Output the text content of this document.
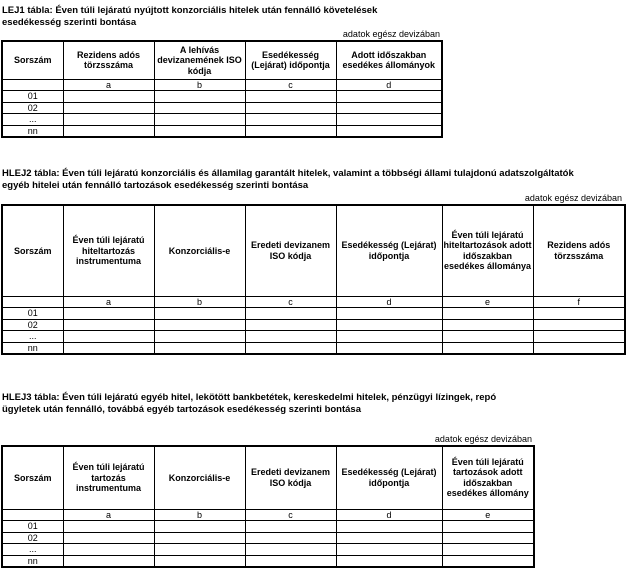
LEJ1 tábla: Éven túli lejáratú nyújtott konzorciális hitelek után fennálló követelések

esedékesség szerinti bontása

adatok egész devizában
Sorszám	Rezidens adós törzsszáma	A lehívás devizanemének ISO kódja	Esedékesség (Lejárat) időpontja	Adott időszakban esedékes állományok
	a	b	c	d
01				
02				
...				
nn				

HLEJ2 tábla: Éven túli lejáratú konzorciális és államilag garantált hitelek, valamint a többségi állami tulajdonú adatszolgáltatók

egyéb hitelei után fennálló tartozások esedékesség szerinti bontása

adatok egész devizában
Sorszám	Éven túli lejáratú hiteltartozás instrumentuma	Konzorciális-e	Eredeti devizanem ISO kódja	Esedékesség (Lejárat) időpontja	Éven túli lejáratú hiteltartozások adott időszakban esedékes állománya	Rezidens adós törzsszáma
	a	b	c	d	e	f
01						
02						
...						
nn						

HLEJ3 tábla: Éven túli lejáratú egyéb hitel, lekötött bankbetétek, kereskedelmi hitelek, pénzügyi lízingek, repó

ügyletek után fennálló, továbbá egyéb tartozások esedékesség szerinti bontása

adatok egész devizában
Sorszám	Éven túli lejáratú tartozás instrumentuma	Konzorciális-e	Eredeti devizanem ISO kódja	Esedékesség (Lejárat) időpontja	Éven túli lejáratú tartozások adott időszakban esedékes állomány
	a	b	c	d	e
01					
02					
...					
nn					
